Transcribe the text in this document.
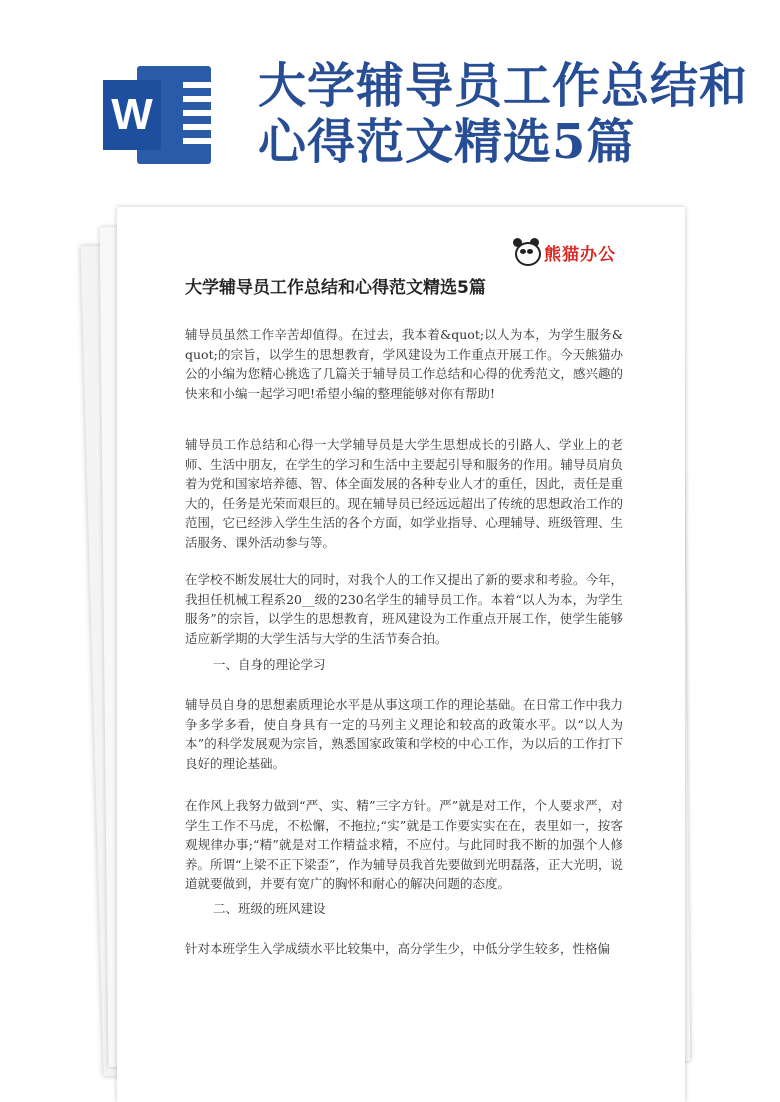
W
大学辅导员工作总结和
心得范文精选5篇
熊猫办公
大学辅导员工作总结和心得范文精选5篇
辅导员虽然工作辛苦却值得。在过去，我本着&quot;以人为本，为学生服务&quot;的宗旨，以学生的思想教育，学风建设为工作重点开展工作。今天熊猫办公的小编为您精心挑选了几篇关于辅导员工作总结和心得的优秀范文，感兴趣的快来和小编一起学习吧!希望小编的整理能够对你有帮助!
辅导员工作总结和心得一大学辅导员是大学生思想成长的引路人、学业上的老师、生活中朋友，在学生的学习和生活中主要起引导和服务的作用。辅导员肩负着为党和国家培养德、智、体全面发展的各种专业人才的重任，因此，责任是重大的，任务是光荣而艰巨的。现在辅导员已经远远超出了传统的思想政治工作的范围，它已经涉入学生生活的各个方面，如学业指导、心理辅导、班级管理、生活服务、课外活动参与等。
在学校不断发展壮大的同时，对我个人的工作又提出了新的要求和考验。今年，我担任机械工程系20__级的230名学生的辅导员工作。本着“以人为本，为学生服务”的宗旨，以学生的思想教育，班风建设为工作重点开展工作，使学生能够适应新学期的大学生活与大学的生活节奏合拍。
一、自身的理论学习
辅导员自身的思想素质理论水平是从事这项工作的理论基础。在日常工作中我力争多学多看，使自身具有一定的马列主义理论和较高的政策水平。以“以人为本”的科学发展观为宗旨，熟悉国家政策和学校的中心工作，为以后的工作打下良好的理论基础。
在作风上我努力做到“严、实、精”三字方针。严”就是对工作，个人要求严，对学生工作不马虎，不松懈，不拖拉;“实”就是工作要实实在在，表里如一，按客观规律办事;“精”就是对工作精益求精，不应付。与此同时我不断的加强个人修养。所谓“上梁不正下梁歪”，作为辅导员我首先要做到光明磊落，正大光明，说道就要做到，并要有宽广的胸怀和耐心的解决问题的态度。
二、班级的班风建设
针对本班学生入学成绩水平比较集中，高分学生少，中低分学生较多，性格偏
